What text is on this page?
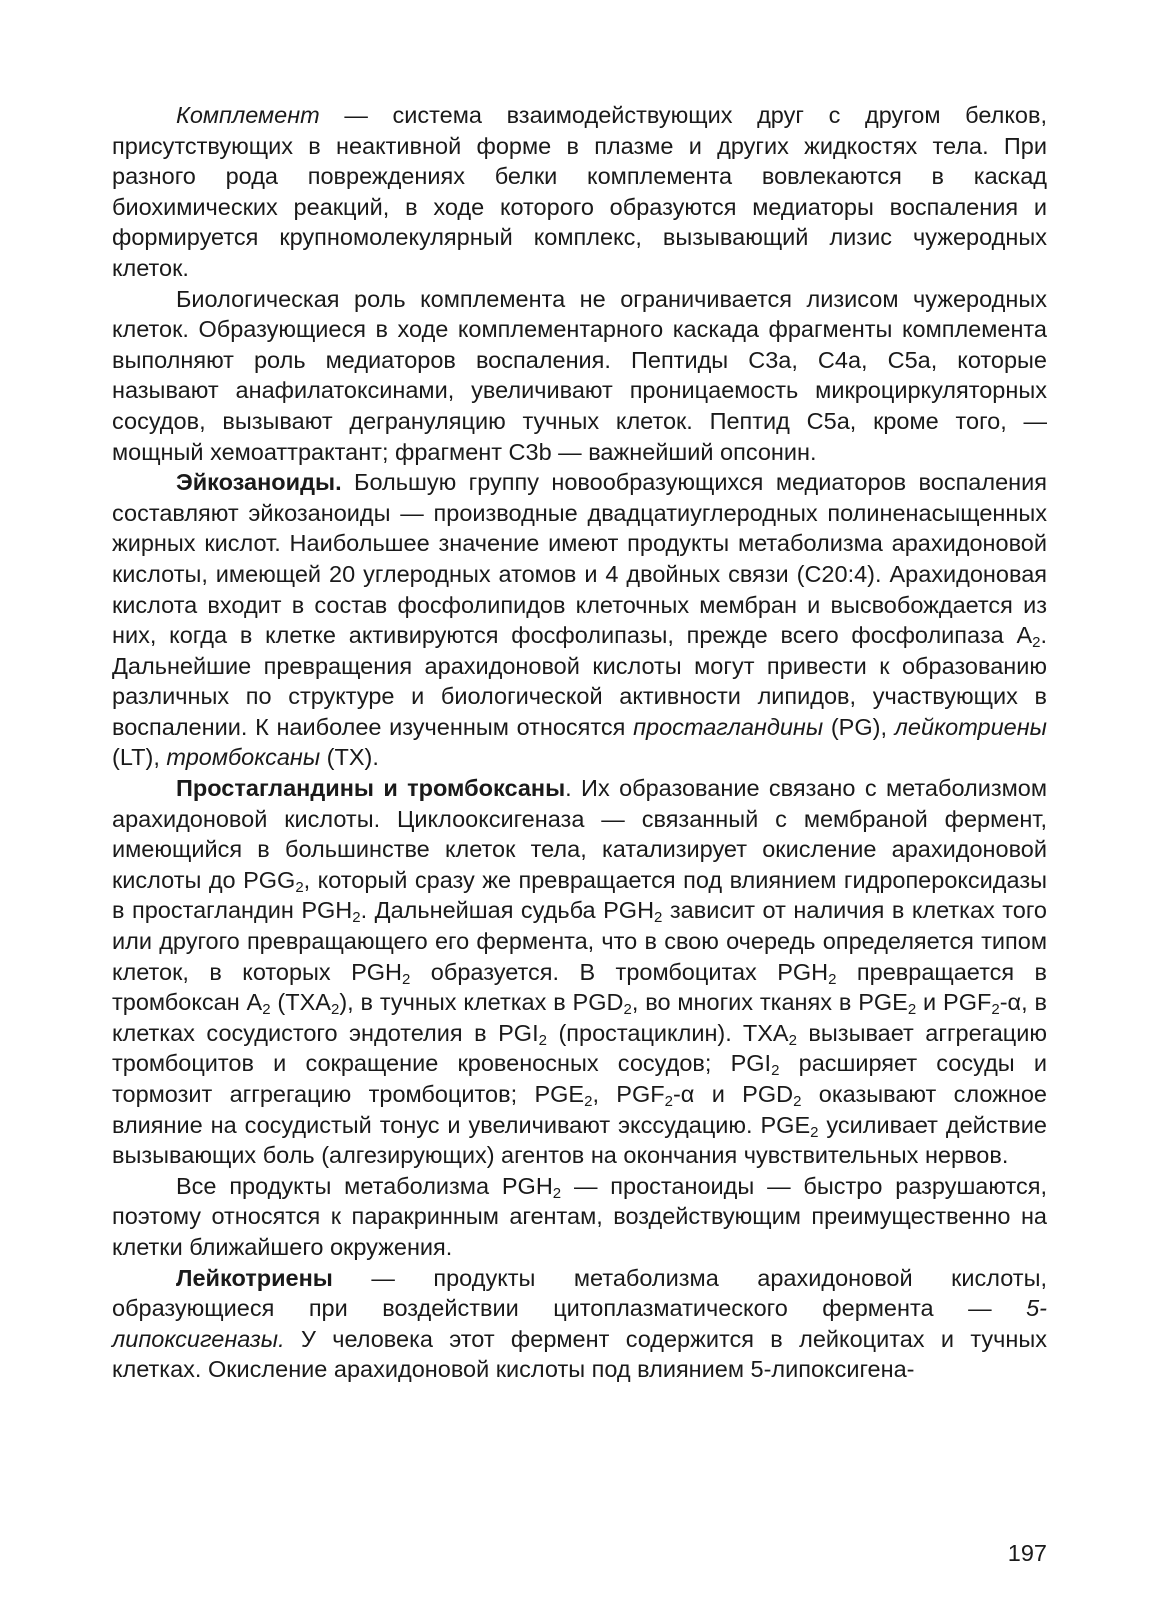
Комплемент — система взаимодействующих друг с другом белков, присутствующих в неактивной форме в плазме и других жидкостях тела. При разного рода повреждениях белки комплемента вовлекаются в каскад биохимических реакций, в ходе которого образуются медиаторы воспаления и формируется крупномолекулярный комплекс, вызывающий лизис чужеродных клеток.

Биологическая роль комплемента не ограничивается лизисом чужеродных клеток. Образующиеся в ходе комплементарного каскада фрагменты комплемента выполняют роль медиаторов воспаления. Пептиды C3a, C4a, C5a, которые называют анафилатоксинами, увеличивают проницаемость микроциркуляторных сосудов, вызывают дегрануляцию тучных клеток. Пептид C5a, кроме того, — мощный хемоаттрактант; фрагмент C3b — важнейший опсонин.

Эйкозаноиды. Большую группу новообразующихся медиаторов воспаления составляют эйкозаноиды — производные двадцатиуглеродных полиненасыщенных жирных кислот. Наибольшее значение имеют продукты метаболизма арахидоновой кислоты, имеющей 20 углеродных атомов и 4 двойных связи (C20:4). Арахидоновая кислота входит в состав фосфолипидов клеточных мембран и высвобождается из них, когда в клетке активируются фосфолипазы, прежде всего фосфолипаза $A_2$. Дальнейшие превращения арахидоновой кислоты могут привести к образованию различных по структуре и биологической активности липидов, участвующих в воспалении. К наиболее изученным относятся простагландины (PG), лейкотриены (LT), тромбоксаны (TX).

Простагландины и тромбоксаны. Их образование связано с метаболизмом арахидоновой кислоты. Циклооксигеназа — связанный с мембраной фермент, имеющийся в большинстве клеток тела, катализирует окисление арахидоновой кислоты до $PGG_2$, который сразу же превращается под влиянием гидропероксидазы в простагландин $PGH_2$. Дальнейшая судьба $PGH_2$ зависит от наличия в клетках того или другого превращающего его фермента, что в свою очередь определяется типом клеток, в которых $PGH_2$ образуется. В тромбоцитах $PGH_2$ превращается в тромбоксан $A_2$ $(TXA_2)$, в тучных клетках в $PGD_2$, во многих тканях в $PGE_2$ и $PGF_2-\alpha$, в клетках сосудистого эндотелия в $PGI_2$ (простациклин). $TXA_2$ вызывает аггрегацию тромбоцитов и сокращение кровеносных сосудов; $PGI_2$ расширяет сосуды и тормозит аггрегацию тромбоцитов; $PGE_2$, $PGF_2-\alpha$ и $PGD_2$ оказывают сложное влияние на сосудистый тонус и увеличивают экссудацию. $PGE_2$ усиливает действие вызывающих боль (алгезирующих) агентов на окончания чувствительных нервов.

Все продукты метаболизма $PGH_2$ — простаноиды — быстро разрушаются, поэтому относятся к паракринным агентам, воздействующим преимущественно на клетки ближайшего окружения.

Лейкотриены — продукты метаболизма арахидоновой кислоты, образующиеся при воздействии цитоплазматического фермента — 5-липоксигеназы. У человека этот фермент содержится в лейкоцитах и тучных клетках. Окисление арахидоновой кислоты под влиянием 5-липоксигена-

197
